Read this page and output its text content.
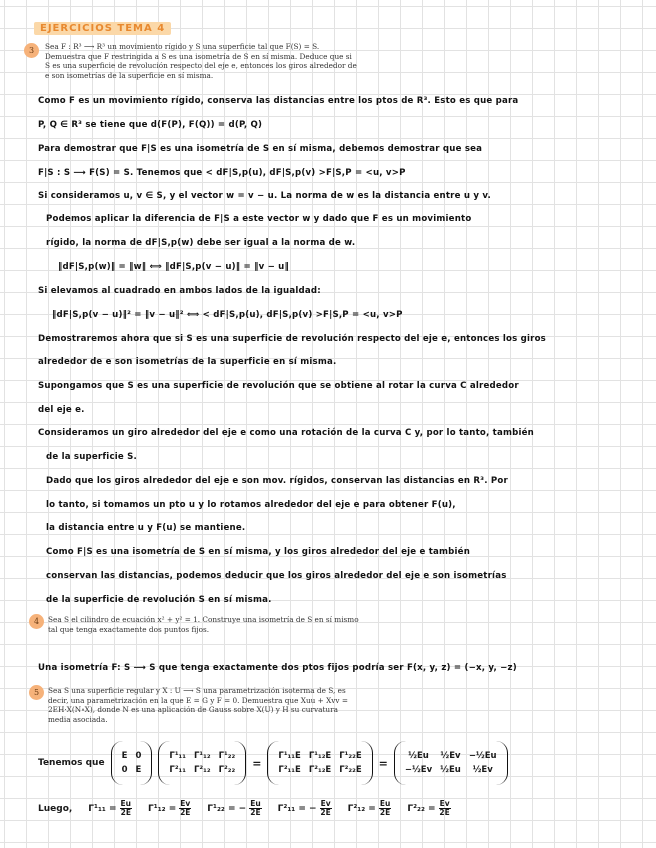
EJERCICIOS TEMA 4
3	Sea F : R³ ⟶ R³ un movimiento rígido y S una superficie tal que F(S) = S.
Demuestra que F restringida a S es una isometría de S en sí misma. Deduce que si
S es una superficie de revolución respecto del eje e, entonces los giros alrededor de
e son isometrías de la superficie en sí misma.
Como F es un movimiento rígido, conserva las distancias entre los ptos de R³. Esto es que para
P, Q ∈ R³ se tiene que d(F(P), F(Q)) = d(P, Q)
Para demostrar que F|S es una isometría de S en sí misma, debemos demostrar que sea
F|S : S ⟶ F(S) = S. Tenemos que < dF|S,p(u), dF|S,p(v) >F|S,P = <u, v>P
Si consideramos u, v ∈ S, y el vector w = v − u. La norma de w es la distancia entre u y v.
Podemos aplicar la diferencia de F|S a este vector w y dado que F es un movimiento
rígido, la norma de dF|S,p(w) debe ser igual a la norma de w.
‖dF|S,p(w)‖ = ‖w‖ ⟺ ‖dF|S,p(v − u)‖ = ‖v − u‖
Si elevamos al cuadrado en ambos lados de la igualdad:
‖dF|S,p(v − u)‖² = ‖v − u‖² ⟺ < dF|S,p(u), dF|S,p(v) >F|S,P = <u, v>P
Demostraremos ahora que si S es una superficie de revolución respecto del eje e, entonces los giros
alrededor de e son isometrías de la superficie en sí misma.
Supongamos que S es una superficie de revolución que se obtiene al rotar la curva C alrededor
del eje e.
Consideramos un giro alrededor del eje e como una rotación de la curva C y, por lo tanto, también
de la superficie S.
Dado que los giros alrededor del eje e son mov. rígidos, conservan las distancias en R³. Por
lo tanto, si tomamos un pto u y lo rotamos alrededor del eje e para obtener F(u),
la distancia entre u y F(u) se mantiene.
Como F|S es una isometría de S en sí misma, y los giros alrededor del eje e también
conservan las distancias, podemos deducir que los giros alrededor del eje e son isometrías
de la superficie de revolución S en sí misma.
4	Sea S el cilindro de ecuación x² + y² = 1. Construye una isometría de S en sí mismo
tal que tenga exactamente dos puntos fijos.
Una isometría F: S ⟶ S que tenga exactamente dos ptos fijos podría ser F(x, y, z) = (−x, y, −z)
5	Sea S una superficie regular y X : U ⟶ S una parametrización isoterma de S, es
decir, una parametrización en la que E = G y F = 0. Demuestra que Xuu + Xvv =
2EH·X(N∘X), donde N es una aplicación de Gauss sobre X(U) y H su curvatura
media asociada.
Tenemos que
E	0
0	E
Γ¹₁₁	Γ¹₁₂	Γ¹₂₂
Γ²₁₁	Γ²₁₂	Γ²₂₂
=
Γ¹₁₁E	Γ¹₁₂E	Γ¹₂₂E
Γ²₁₁E	Γ²₁₂E	Γ²₂₂E
=
½Eu	½Ev	−½Eu
−½Ev	½Eu	½Ev
Luego, $\Gamma^1_{11} = \frac{Eu}{2E} \Gamma^1_{12} = \frac{Ev}{2E} \Gamma^1_{22}$ = − $\frac{Eu}{2E} \Gamma^2_{11}$ = − $\frac{Ev}{2E} \Gamma^2_{12} = \frac{Eu}{2E} \Gamma^2_{22} = \frac{Ev}{2E}$
